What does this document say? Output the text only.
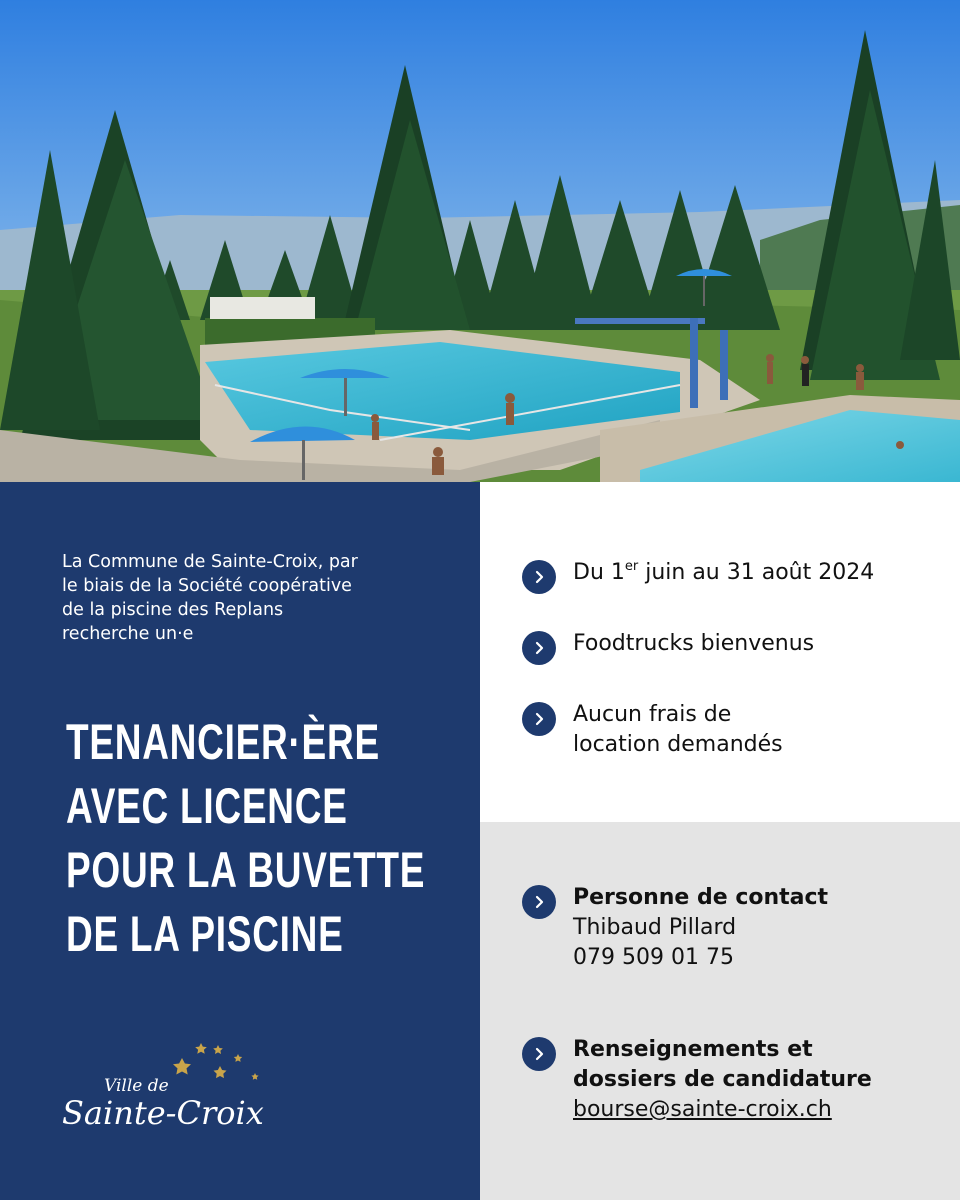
La Commune de Sainte-Croix, par
le biais de la Société coopérative
de la piscine des Replans
recherche un·e

TENANCIER·ÈRE
AVEC LICENCE
POUR LA BUVETTE
DE LA PISCINE
Ville de
Sainte-Croix

Du 1er juin au 31 août 2024

Foodtrucks bienvenus

Aucun frais de
location demandés

Personne de contact
Thibaud Pillard
079 509 01 75

Renseignements et
dossiers de candidature
bourse@sainte-croix.ch
